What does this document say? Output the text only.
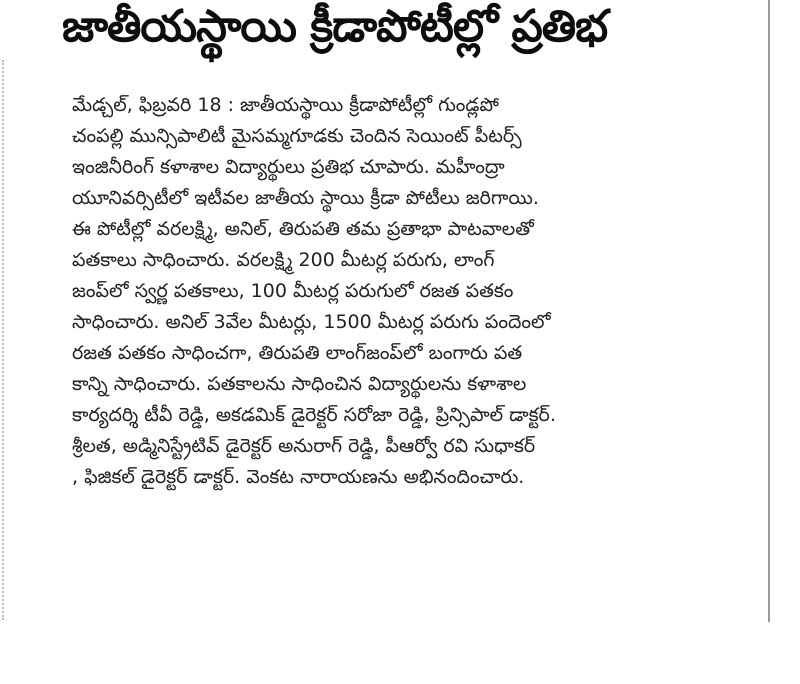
జాతీయస్థాయి క్రీడాపోటీల్లో ప్రతిభ
మేడ్చల్‌, ఫిబ్రవరి 18 : జాతీయస్థాయి క్రీడాపోటీల్లో గుండ్లపో
చంపల్లి మున్సిపాలిటీ మైసమ్మగూడకు చెందిన సెయింట్‌ పీటర్స్‌
ఇంజినీరింగ్‌ కళాశాల విద్యార్థులు ప్రతిభ చూపారు. మహీంద్రా
యూనివర్సిటీలో ఇటీవల జాతీయ స్థాయి క్రీడా పోటీలు జరిగాయి.
ఈ పోటీల్లో వరలక్ష్మి, అనిల్‌, తిరుపతి తమ ప్రతాభా పాటవాలతో
పతకాలు సాధించారు. వరలక్ష్మి 200 మీటర్ల పరుగు, లాంగ్‌
జంప్‌లో స్వర్ణ పతకాలు, 100 మీటర్ల పరుగులో రజత పతకం
సాధించారు. అనిల్‌ 3వేల మీటర్లు, 1500 మీటర్ల పరుగు పందెంలో
రజత పతకం సాధించగా, తిరుపతి లాంగ్‌జంప్‌లో బంగారు పత
కాన్ని సాధించారు. పతకాలను సాధించిన విద్యార్థులను కళాశాల
కార్యదర్శి టీవీ రెడ్డి, అకడమిక్‌ డైరెక్టర్‌ సరోజా రెడ్డి, ప్రిన్సిపాల్‌ డాక్టర్‌.
శ్రీలత, అడ్మినిస్ట్రేటివ్‌ డైరెక్టర్‌ అనురాగ్‌ రెడ్డి, పీఆర్వో రవి సుధాకర్‌
, ఫిజికల్‌ డైరెక్టర్‌ డాక్టర్‌. వెంకట నారాయణను అభినందించారు.
